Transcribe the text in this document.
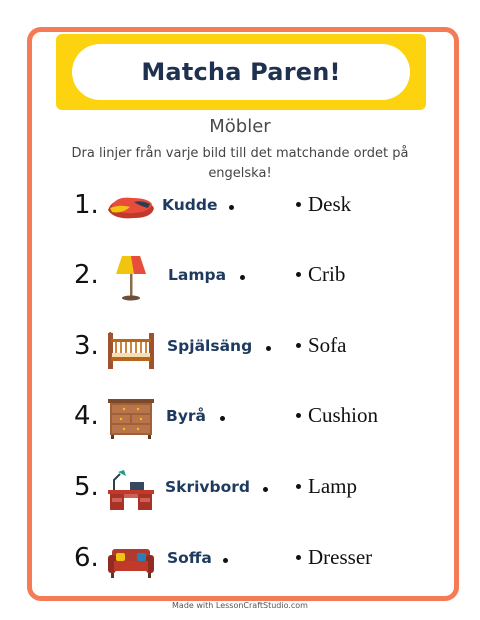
Matcha Paren!
Möbler
Dra linjer från varje bild till det matchande ordet på engelska!
1.	Kudde	Desk
2.	Lampa	Crib
3.	Spjälsäng	Sofa
4.	Byrå	Cushion
5.	Skrivbord	Lamp
6.	Soffa	Dresser
Made with LessonCraftStudio.com
